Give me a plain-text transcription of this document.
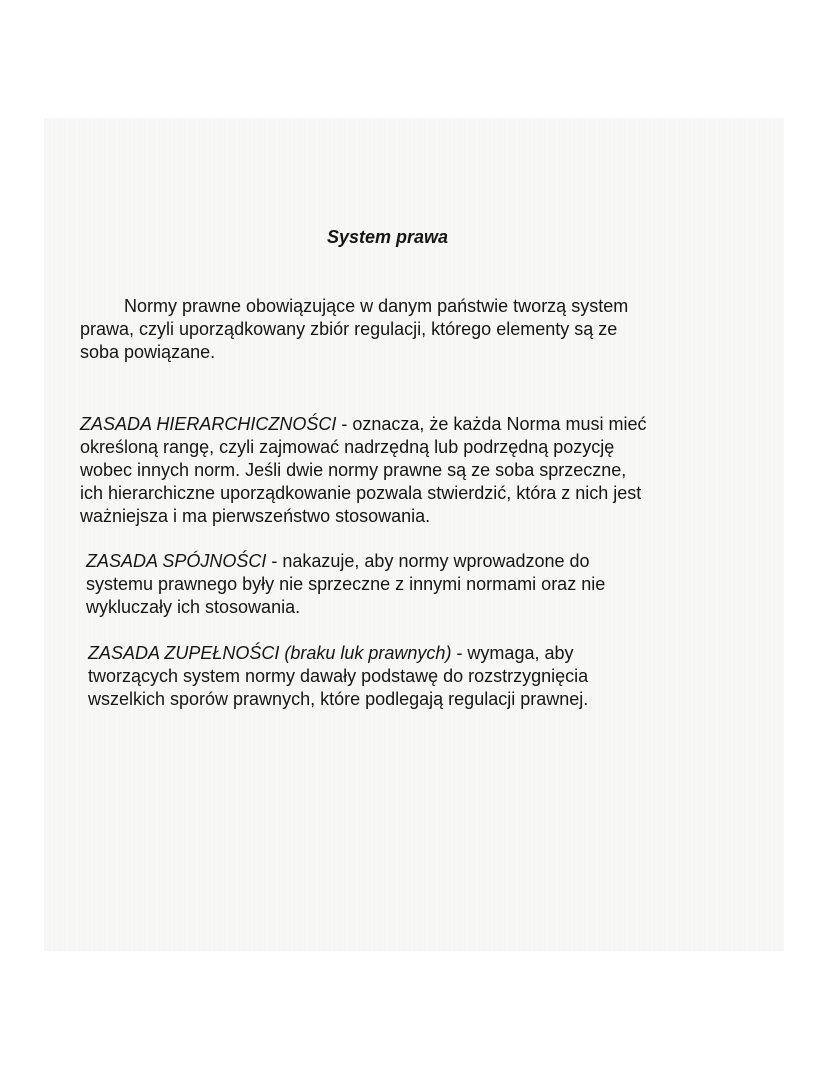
System prawa

Normy prawne obowiązujące w danym państwie tworzą system
prawa, czyli uporządkowany zbiór regulacji, którego elementy są ze
soba powiązane.

ZASADA HIERARCHICZNOŚCI - oznacza, że każda Norma musi mieć
określoną rangę, czyli zajmować nadrzędną lub podrzędną pozycję
wobec innych norm. Jeśli dwie normy prawne są ze soba sprzeczne,
ich hierarchiczne uporządkowanie pozwala stwierdzić, która z nich jest
ważniejsza i ma pierwszeństwo stosowania.

ZASADA SPÓJNOŚCI - nakazuje, aby normy wprowadzone do
systemu prawnego były nie sprzeczne z innymi normami oraz nie
wykluczały ich stosowania.

ZASADA ZUPEŁNOŚCI (braku luk prawnych) - wymaga, aby
tworzących system normy dawały podstawę do rozstrzygnięcia
wszelkich sporów prawnych, które podlegają regulacji prawnej.
